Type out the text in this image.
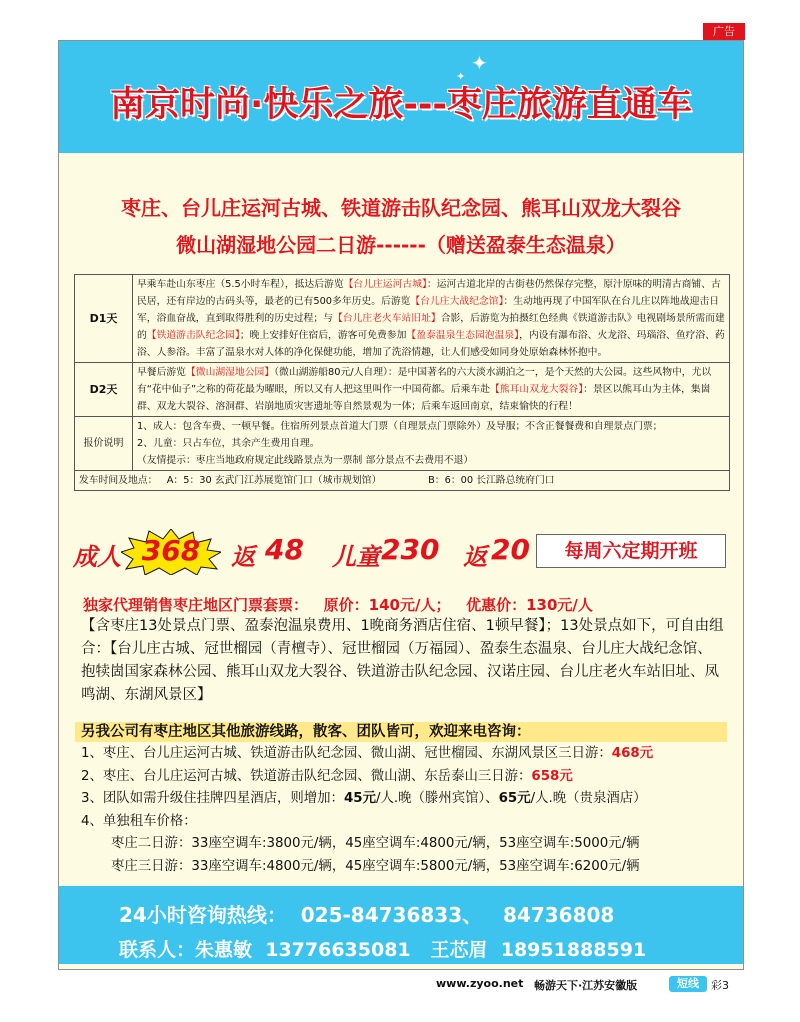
广告
✦
✦
南京时尚·快乐之旅---枣庄旅游直通车
枣庄、台儿庄运河古城、铁道游击队纪念园、熊耳山双龙大裂谷
微山湖湿地公园二日游------（赠送盈泰生态温泉）
D1天	早乘车赴山东枣庄（5.5小时车程），抵达后游览【台儿庄运河古城】：运河古道北岸的古街巷仍然保存完整，原汁原味的明清古商铺、古民居，还有岸边的古码头等，最老的已有500多年历史。后游览【台儿庄大战纪念馆】：生动地再现了中国军队在台儿庄以阵地战迎击日军，浴血奋战，直到取得胜利的历史过程；与【台儿庄老火车站旧址】合影，后游览为拍摄红色经典《铁道游击队》电视剧场景所需而建的【铁道游击队纪念园】；晚上安排好住宿后，游客可免费参加【盈泰温泉生态园泡温泉】，内设有瀑布浴、火龙浴、玛瑙浴、鱼疗浴、药浴、人参浴。丰富了温泉水对人体的净化保健功能，增加了洗浴情趣，让人们感受如同身处原始森林怀抱中。
D2天	早餐后游览【微山湖湿地公园】（微山湖游船80元/人自理）：是中国著名的六大淡水湖泊之一，是个天然的大公园。这些风物中，尤以有“花中仙子”之称的荷花最为曜眼，所以又有人把这里叫作一中国荷都。后乘车赴【熊耳山双龙大裂谷】：景区以熊耳山为主体，集崮群、双龙大裂谷、溶洞群、岩崩地质灾害遗址等自然景观为一体；后乘车返回南京，结束愉快的行程！
报价说明	1、成人：包含车费、一顿早餐。住宿所列景点首道大门票（自理景点门票除外）及导服；不含正餐餐费和自理景点门票；
2、儿童：只占车位，其余产生费用自理。
（友情提示：枣庄当地政府规定此线路景点为一票制 部分景点不去费用不退）

发车时间及地点：   A：5：30 玄武门江苏展览馆门口（城市规划馆）               B：6：00 长江路总统府门口	
成人 368	返 48 儿童 230 返 20	每周六定期开班
独家代理销售枣庄地区门票套票：   原价：140元/人；   优惠价：130元/人
【含枣庄13处景点门票、盈泰泡温泉费用、1晚商务酒店住宿、1顿早餐】；13处景点如下，可自由组合：【台儿庄古城、冠世榴园（青檀寺）、冠世榴园（万福园）、盈泰生态温泉、台儿庄大战纪念馆、抱犊崮国家森林公园、熊耳山双龙大裂谷、铁道游击队纪念园、汉诺庄园、台儿庄老火车站旧址、凤鸣湖、东湖风景区】
另我公司有枣庄地区其他旅游线路，散客、团队皆可，欢迎来电咨询：
1、枣庄、台儿庄运河古城、铁道游击队纪念园、微山湖、冠世榴园、东湖风景区三日游：468元
2、枣庄、台儿庄运河古城、铁道游击队纪念园、微山湖、东岳泰山三日游：658元
3、团队如需升级住挂牌四星酒店，则增加：45元/人.晚（滕州宾馆）、65元/人.晚（贵泉酒店）
4、单独租车价格：
枣庄二日游：33座空调车:3800元/辆，45座空调车:4800元/辆，53座空调车:5000元/辆
枣庄三日游：33座空调车:4800元/辆，45座空调车:5800元/辆，53座空调车:6200元/辆
24小时咨询热线：  025-84736833、   84736808
联系人：朱惠敏  13776635081   王芯眉  18951888591
www.zyoo.net 畅游天下·江苏安徽版	短线	彩3
